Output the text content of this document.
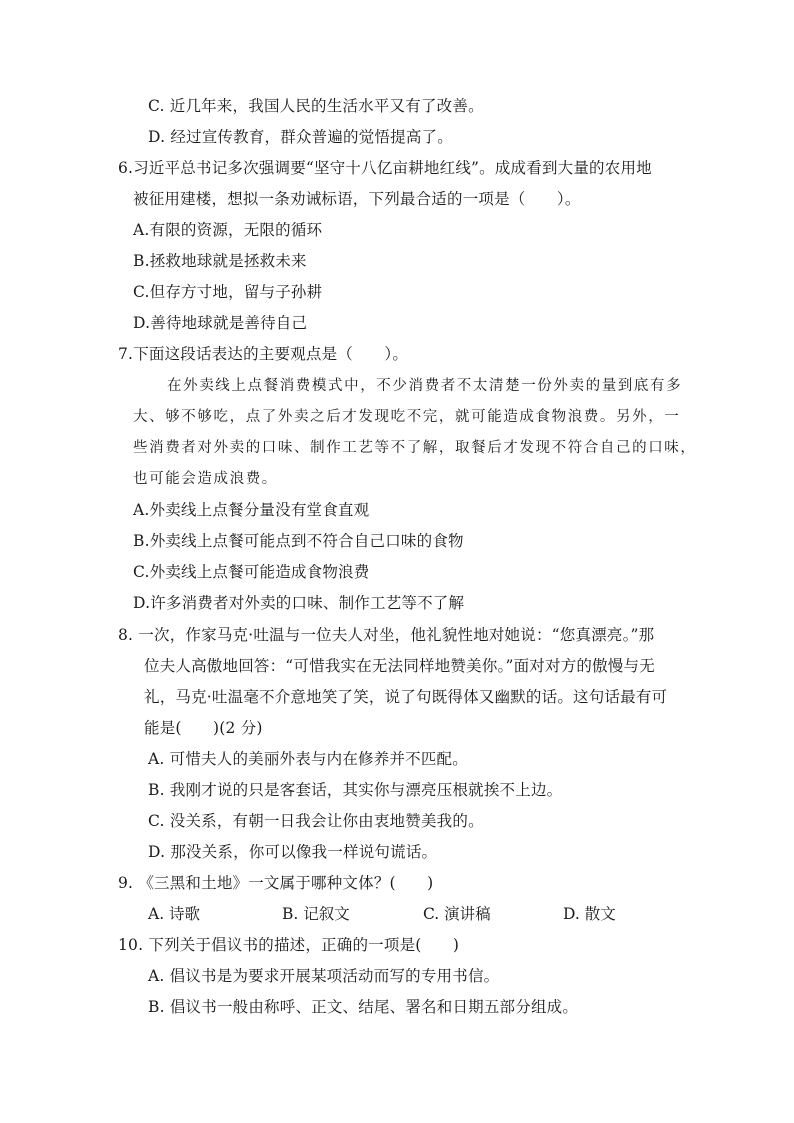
C. 近几年来，我国人民的生活水平又有了改善。
D. 经过宣传教育，群众普遍的觉悟提高了。
6.习近平总书记多次强调要“坚守十八亿亩耕地红线”。成成看到大量的农用地
被征用建楼，想拟一条劝诫标语，下列最合适的一项是（　　）。
A.有限的资源，无限的循环
B.拯救地球就是拯救未来
C.但存方寸地，留与子孙耕
D.善待地球就是善待自己
7.下面这段话表达的主要观点是（　　）。
在外卖线上点餐消费模式中，不少消费者不太清楚一份外卖的量到底有多
大、够不够吃，点了外卖之后才发现吃不完，就可能造成食物浪费。另外，一
些消费者对外卖的口味、制作工艺等不了解，取餐后才发现不符合自己的口味，
也可能会造成浪费。
A.外卖线上点餐分量没有堂食直观
B.外卖线上点餐可能点到不符合自己口味的食物
C.外卖线上点餐可能造成食物浪费
D.许多消费者对外卖的口味、制作工艺等不了解
8. 一次，作家马克·吐温与一位夫人对坐，他礼貌性地对她说：“您真漂亮。”那
位夫人高傲地回答：“可惜我实在无法同样地赞美你。”面对对方的傲慢与无
礼，马克·吐温毫不介意地笑了笑，说了句既得体又幽默的话。这句话最有可
能是(　　)(2 分)
A. 可惜夫人的美丽外表与内在修养并不匹配。
B. 我刚才说的只是客套话，其实你与漂亮压根就挨不上边。
C. 没关系，有朝一日我会让你由衷地赞美我的。
D. 那没关系，你可以像我一样说句谎话。
9. 《三黑和土地》一文属于哪种文体？(　　)
A. 诗歌	B. 记叙文	C. 演讲稿	D. 散文
10. 下列关于倡议书的描述，正确的一项是(　　)
A. 倡议书是为要求开展某项活动而写的专用书信。
B. 倡议书一般由称呼、正文、结尾、署名和日期五部分组成。
